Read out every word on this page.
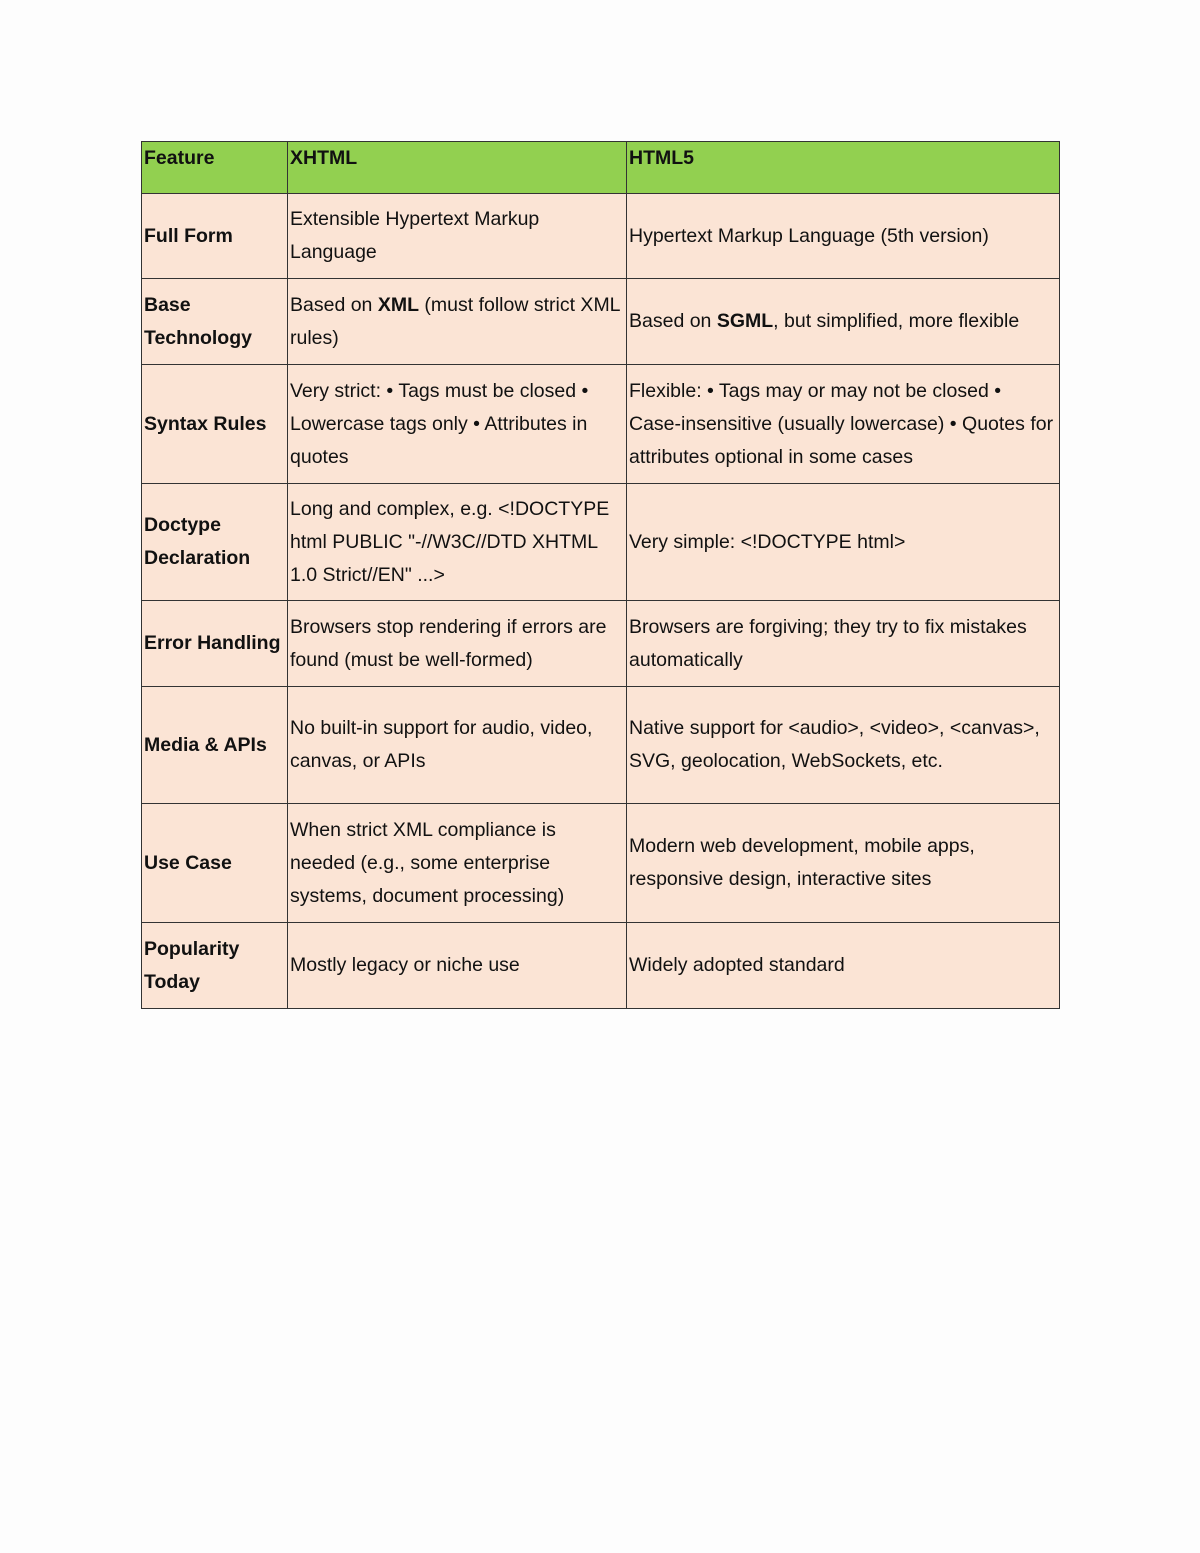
Feature	XHTML	HTML5
Full Form	Extensible Hypertext Markup Language	Hypertext Markup Language (5th version)
Base Technology	Based on XML (must follow strict XML rules)	Based on SGML, but simplified, more flexible
Syntax Rules	Very strict: • Tags must be closed • Lowercase tags only • Attributes in quotes	Flexible: • Tags may or may not be closed • Case-insensitive (usually lowercase) • Quotes for attributes optional in some cases
Doctype Declaration	Long and complex, e.g. <!DOCTYPE html PUBLIC "-//W3C//DTD XHTML 1.0 Strict//EN" ...>	Very simple: <!DOCTYPE html>
Error Handling	Browsers stop rendering if errors are found (must be well-formed)	Browsers are forgiving; they try to fix mistakes automatically
Media & APIs	No built-in support for audio, video, canvas, or APIs	Native support for <audio>, <video>, <canvas>, SVG, geolocation, WebSockets, etc.
Use Case	When strict XML compliance is needed (e.g., some enterprise systems, document processing)	Modern web development, mobile apps, responsive design, interactive sites
Popularity Today	Mostly legacy or niche use	Widely adopted standard
